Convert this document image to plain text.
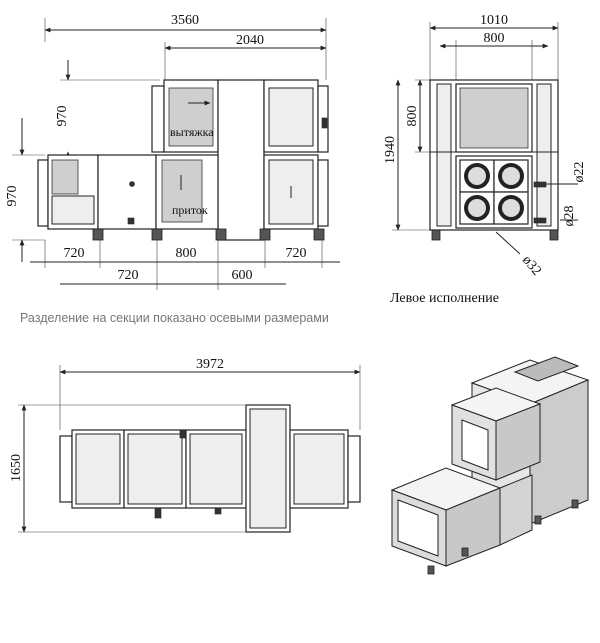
3560
2040
970
970
вытяжка
приток
720	800	720
720	600
1010
800
800
1940
ø22
ø28
ø32
Левое исполнение
Разделение на секции показано осевыми размерами
3972
1650
